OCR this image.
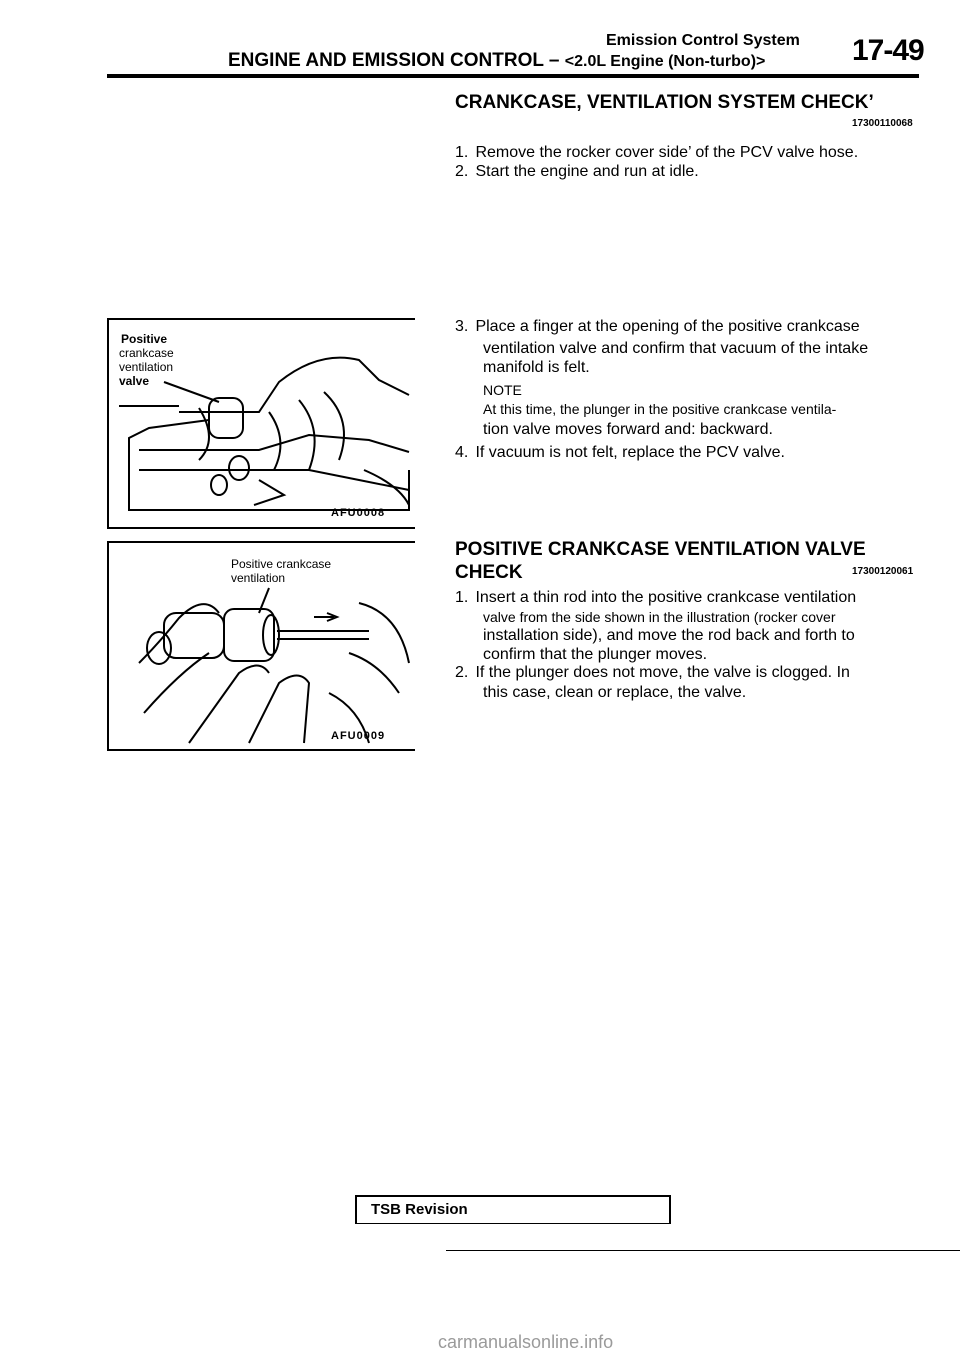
Emission Control System
ENGINE AND EMISSION CONTROL – <2.0L Engine (Non-turbo)>	17-49
CRANKCASE, VENTILATION SYSTEM CHECK’
17300110068
1. Remove the rocker cover side’ of the PCV valve hose.
2. Start the engine and run at idle.
3. Place a finger at the opening of the positive crankcase
ventilation valve and confirm that vacuum of the intake
manifold is felt.
NOTE
At this time, the plunger in the positive crankcase ventila-
tion valve moves forward and: backward.
4. If vacuum is not felt, replace the PCV valve.
POSITIVE CRANKCASE VENTILATION VALVE
CHECK	17300120061
1. Insert a thin rod into the positive crankcase ventilation
valve from the side shown in the illustration (rocker cover
installation side), and move the rod back and forth to
confirm that the plunger moves.
2. If the plunger does not move, the valve is clogged. In
this case, clean or replace, the valve.
Positive
crankcase
ventilation
valve
AFU0008
Positive crankcase
ventilation
AFU0009
TSB Revision
carmanualsonline.info
